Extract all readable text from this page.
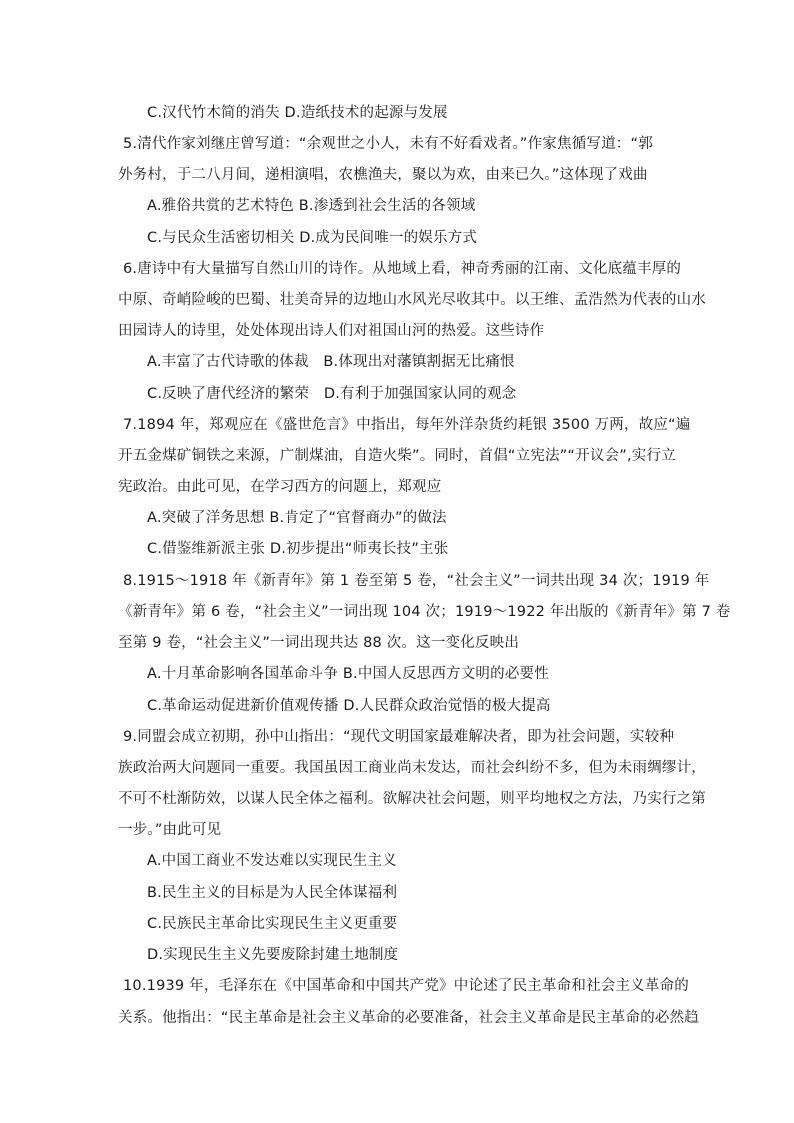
C.汉代竹木简的消失 D.造纸技术的起源与发展
5.清代作家刘继庄曾写道：“余观世之小人，未有不好看戏者。”作家焦循写道：“郭
外务村，于二八月间，递相演唱，农樵渔夫，聚以为欢，由来已久。”这体现了戏曲
A.雅俗共赏的艺术特色 B.渗透到社会生活的各领域
C.与民众生活密切相关 D.成为民间唯一的娱乐方式
6.唐诗中有大量描写自然山川的诗作。从地域上看，神奇秀丽的江南、文化底蕴丰厚的
中原、奇峭险峻的巴蜀、壮美奇异的边地山水风光尽收其中。以王维、孟浩然为代表的山水
田园诗人的诗里，处处体现出诗人们对祖国山河的热爱。这些诗作
A.丰富了古代诗歌的体裁　B.体现出对藩镇割据无比痛恨
C.反映了唐代经济的繁荣　D.有利于加强国家认同的观念
7.1894 年，郑观应在《盛世危言》中指出，每年外洋杂货约耗银 3500 万两，故应“遍
开五金煤矿铜铁之来源，广制煤油，自造火柴”。同时，首倡“立宪法”“开议会”,实行立
宪政治。由此可见，在学习西方的问题上，郑观应
A.突破了洋务思想 B.肯定了“官督商办”的做法
C.借鉴维新派主张 D.初步提出“师夷长技”主张
8.1915～1918 年《新青年》第 1 卷至第 5 卷，“社会主义”一词共出现 34 次；1919 年
《新青年》第 6 卷，“社会主义”一词出现 104 次；1919～1922 年出版的《新青年》第 7 卷
至第 9 卷，“社会主义”一词出现共达 88 次。这一变化反映出
A.十月革命影响各国革命斗争 B.中国人反思西方文明的必要性
C.革命运动促进新价值观传播 D.人民群众政治觉悟的极大提高
9.同盟会成立初期，孙中山指出：“现代文明国家最难解决者，即为社会问题，实较种
族政治两大问题同一重要。我国虽因工商业尚未发达，而社会纠纷不多，但为未雨绸缪计，
不可不杜渐防效，以谋人民全体之福利。欲解决社会问题，则平均地权之方法，乃实行之第
一步。”由此可见
A.中国工商业不发达难以实现民生主义
B.民生主义的目标是为人民全体谋福利
C.民族民主革命比实现民生主义更重要
D.实现民生主义先要废除封建土地制度
10.1939 年，毛泽东在《中国革命和中国共产党》中论述了民主革命和社会主义革命的
关系。他指出：“民主革命是社会主义革命的必要准备，社会主义革命是民主革命的必然趋
